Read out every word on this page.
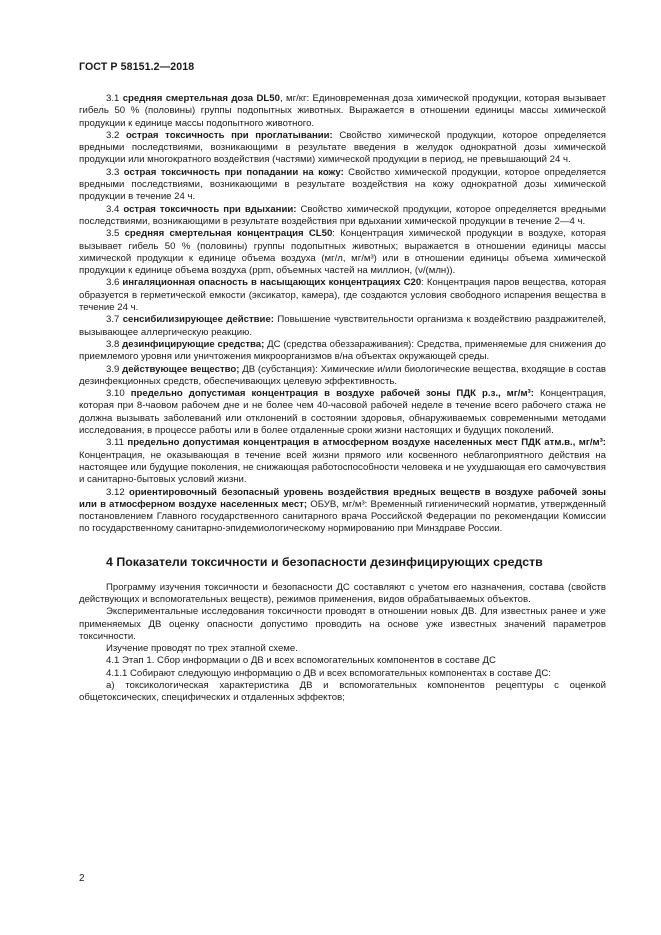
ГОСТ Р 58151.2—2018

3.1 средняя смертельная доза DL50, мг/кг: Единовременная доза химической продукции, которая вызывает гибель 50 % (половины) группы подопытных животных. Выражается в отношении единицы массы химической продукции к единице массы подопытного животного.

3.2 острая токсичность при проглатывании: Свойство химической продукции, которое определяется вредными последствиями, возникающими в результате введения в желудок однократной дозы химической продукции или многократного воздействия (частями) химической продукции в период, не превышающий 24 ч.

3.3 острая токсичность при попадании на кожу: Свойство химической продукции, которое определяется вредными последствиями, возникающими в результате воздействия на кожу однократной дозы химической продукции в течение 24 ч.

3.4 острая токсичность при вдыхании: Свойство химической продукции, которое определяется вредными последствиями, возникающими в результате воздействия при вдыхании химической продукции в течение 2—4 ч.

3.5 средняя смертельная концентрация CL50: Концентрация химической продукции в воздухе, которая вызывает гибель 50 % (половины) группы подопытных животных; выражается в отношении единицы массы химической продукции к единице объема воздуха (мг/л, мг/м³) или в отношении единицы объема химической продукции к единице объема воздуха (ppm, объемных частей на миллион, (ν/(млн)).

3.6 ингаляционная опасность в насыщающих концентрациях C20: Концентрация паров вещества, которая образуется в герметической емкости (эксикатор, камера), где создаются условия свободного испарения вещества в течение 24 ч.

3.7 сенсибилизирующее действие: Повышение чувствительности организма к воздействию раздражителей, вызывающее аллергическую реакцию.

3.8 дезинфицирующие средства; ДС (средства обеззараживания): Средства, применяемые для снижения до приемлемого уровня или уничтожения микроорганизмов в/на объектах окружающей среды.

3.9 действующее вещество; ДВ (субстанция): Химические и/или биологические вещества, входящие в состав дезинфекционных средств, обеспечивающих целевую эффективность.

3.10 предельно допустимая концентрация в воздухе рабочей зоны ПДК р.з., мг/м³: Концентрация, которая при 8-чаовом рабочем дне и не более чем 40-часовой рабочей неделе в течение всего рабочего стажа не должна вызывать заболеваний или отклонений в состоянии здоровья, обнаруживаемых современными методами исследования, в процессе работы или в более отдаленные сроки жизни настоящих и будущих поколений.

3.11 предельно допустимая концентрация в атмосферном воздухе населенных мест ПДК атм.в., мг/м³: Концентрация, не оказывающая в течение всей жизни прямого или косвенного неблагоприятного действия на настоящее или будущие поколения, не снижающая работоспособности человека и не ухудшающая его самочувствия и санитарно-бытовых условий жизни.

3.12 ориентировочный безопасный уровень воздействия вредных веществ в воздухе рабочей зоны или в атмосферном воздухе населенных мест; ОБУВ, мг/м³: Временный гигиенический норматив, утвержденный постановлением Главного государственного санитарного врача Российской Федерации по рекомендации Комиссии по государственному санитарно-эпидемиологическому нормированию при Минздраве России.

4 Показатели токсичности и безопасности дезинфицирующих средств

Программу изучения токсичности и безопасности ДС составляют с учетом его назначения, состава (свойств действующих и вспомогательных веществ), режимов применения, видов обрабатываемых объектов.

Экспериментальные исследования токсичности проводят в отношении новых ДВ. Для известных ранее и уже применяемых ДВ оценку опасности допустимо проводить на основе уже известных значений параметров токсичности.

Изучение проводят по трех этапной схеме.

4.1 Этап 1. Сбор информации о ДВ и всех вспомогательных компонентов в составе ДС

4.1.1 Собирают следующую информацию о ДВ и всех вспомогательных компонентах в составе ДС:

а) токсикологическая характеристика ДВ и вспомогательных компонентов рецептуры с оценкой общетоксических, специфических и отдаленных эффектов;

2
